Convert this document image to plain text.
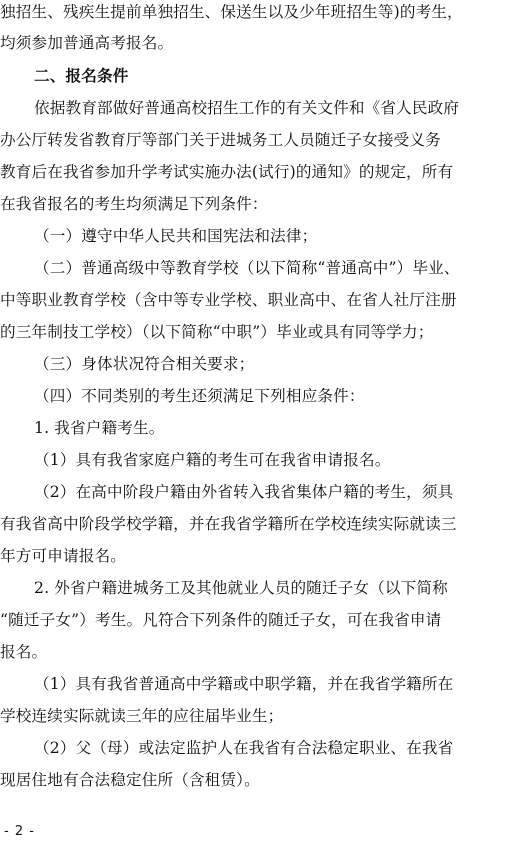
独招生、残疾生提前单独招生、保送生以及少年班招生等)的考生，
均须参加普通高考报名。
二、报名条件
依据教育部做好普通高校招生工作的有关文件和《省人民政府
办公厅转发省教育厅等部门关于进城务工人员随迁子女接受义务
教育后在我省参加升学考试实施办法(试行)的通知》的规定，所有
在我省报名的考生均须满足下列条件：
（一）遵守中华人民共和国宪法和法律；
（二）普通高级中等教育学校（以下简称“普通高中”）毕业、
中等职业教育学校（含中等专业学校、职业高中、在省人社厅注册
的三年制技工学校）（以下简称“中职”）毕业或具有同等学力；
（三）身体状况符合相关要求；
（四）不同类别的考生还须满足下列相应条件：
1. 我省户籍考生。
（1）具有我省家庭户籍的考生可在我省申请报名。
（2）在高中阶段户籍由外省转入我省集体户籍的考生，须具
有我省高中阶段学校学籍，并在我省学籍所在学校连续实际就读三
年方可申请报名。
2. 外省户籍进城务工及其他就业人员的随迁子女（以下简称
“随迁子女”）考生。凡符合下列条件的随迁子女，可在我省申请
报名。
（1）具有我省普通高中学籍或中职学籍，并在我省学籍所在
学校连续实际就读三年的应往届毕业生；
（2）父（母）或法定监护人在我省有合法稳定职业、在我省
现居住地有合法稳定住所（含租赁）。
- 2 -
